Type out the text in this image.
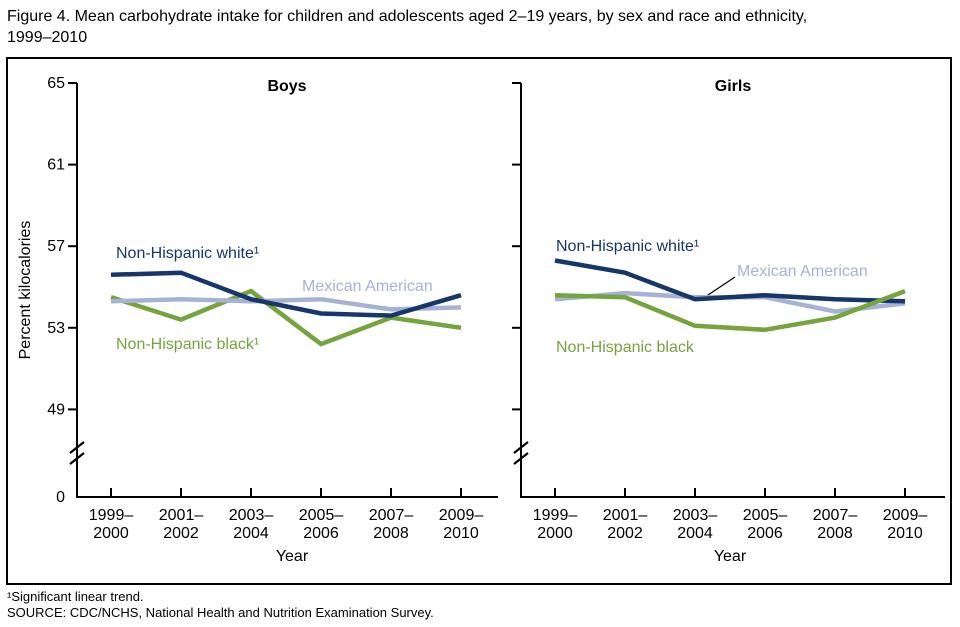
Figure 4. Mean carbohydrate intake for children and adolescents aged 2–19 years, by sex and race and ethnicity,
1999–2010
65
61
57
53
49
0
1999–
2000
2001–
2002
2003–
2004
2005–
2006
2007–
2008
2009–
2010
Boys
Percent kilocalories
Year
Non-Hispanic white¹
Mexican American
Non-Hispanic black¹
1999–
2000
2001–
2002
2003–
2004
2005–
2006
2007–
2008
2009–
2010
Girls
Year
Non-Hispanic white¹
Mexican American
Non-Hispanic black
¹Significant linear trend.
SOURCE: CDC/NCHS, National Health and Nutrition Examination Survey.
